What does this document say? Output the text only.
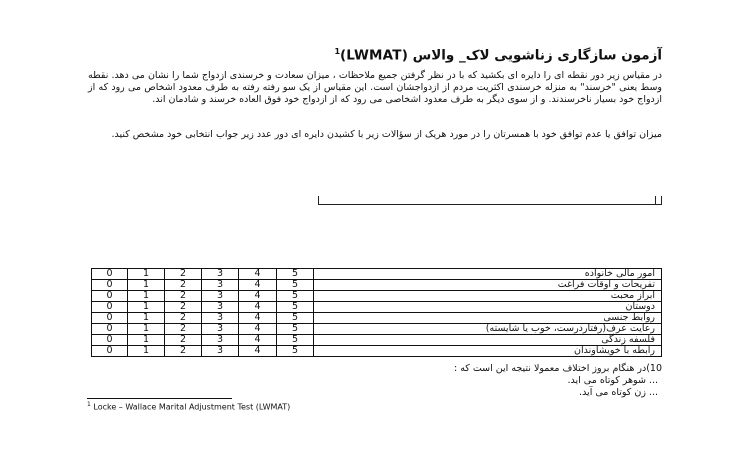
آزمون سازگاری زناشویی لاک_ والاس (LWMAT)$^1$
در مقیاس زیر دور نقطه ای را دایره ای بکشید که با در نظر گرفتن جمیع ملاحظات ، میزان سعادت و خرسندی ازدواج شما را نشان می دهد. نقطه وسط یعنی "خرسند" به منزله خرسندی اکثریت مردم از ازدواجشان است. این مقیاس از یک سو رفته رفته به طرف معدود اشخاص می رود که از ازدواج خود بسیار ناخرسندند. و از سوی دیگر به طرف معدود اشخاصی می رود که از ازدواج خود فوق العاده خرسند و شادمان اند.
میزان توافق یا عدم توافق خود با همسرتان را در مورد هریک از سؤالات زیر با کشیدن دایره ای دور عدد زیر جواب انتخابی خود مشخص کنید.
0	1	2	3	4	5	امور مالی خانواده
0	1	2	3	4	5	تفریحات و اوقات فراغت
0	1	2	3	4	5	ابراز محبت
0	1	2	3	4	5	دوستان
0	1	2	3	4	5	روابط جنسی
0	1	2	3	4	5	رعایت عرف(رفتاردرست، خوب یا شایسته)
0	1	2	3	4	5	فلسفه زندگی
0	1	2	3	4	5	رابطه با خویشاوندان
10)در هنگام بروز اختلاف معمولا نتیجه این است که :
... شوهر کوتاه می اید.
... زن کوتاه می آید.
$^1$ Locke – Wallace Marital Adjustment Test (LWMAT)
